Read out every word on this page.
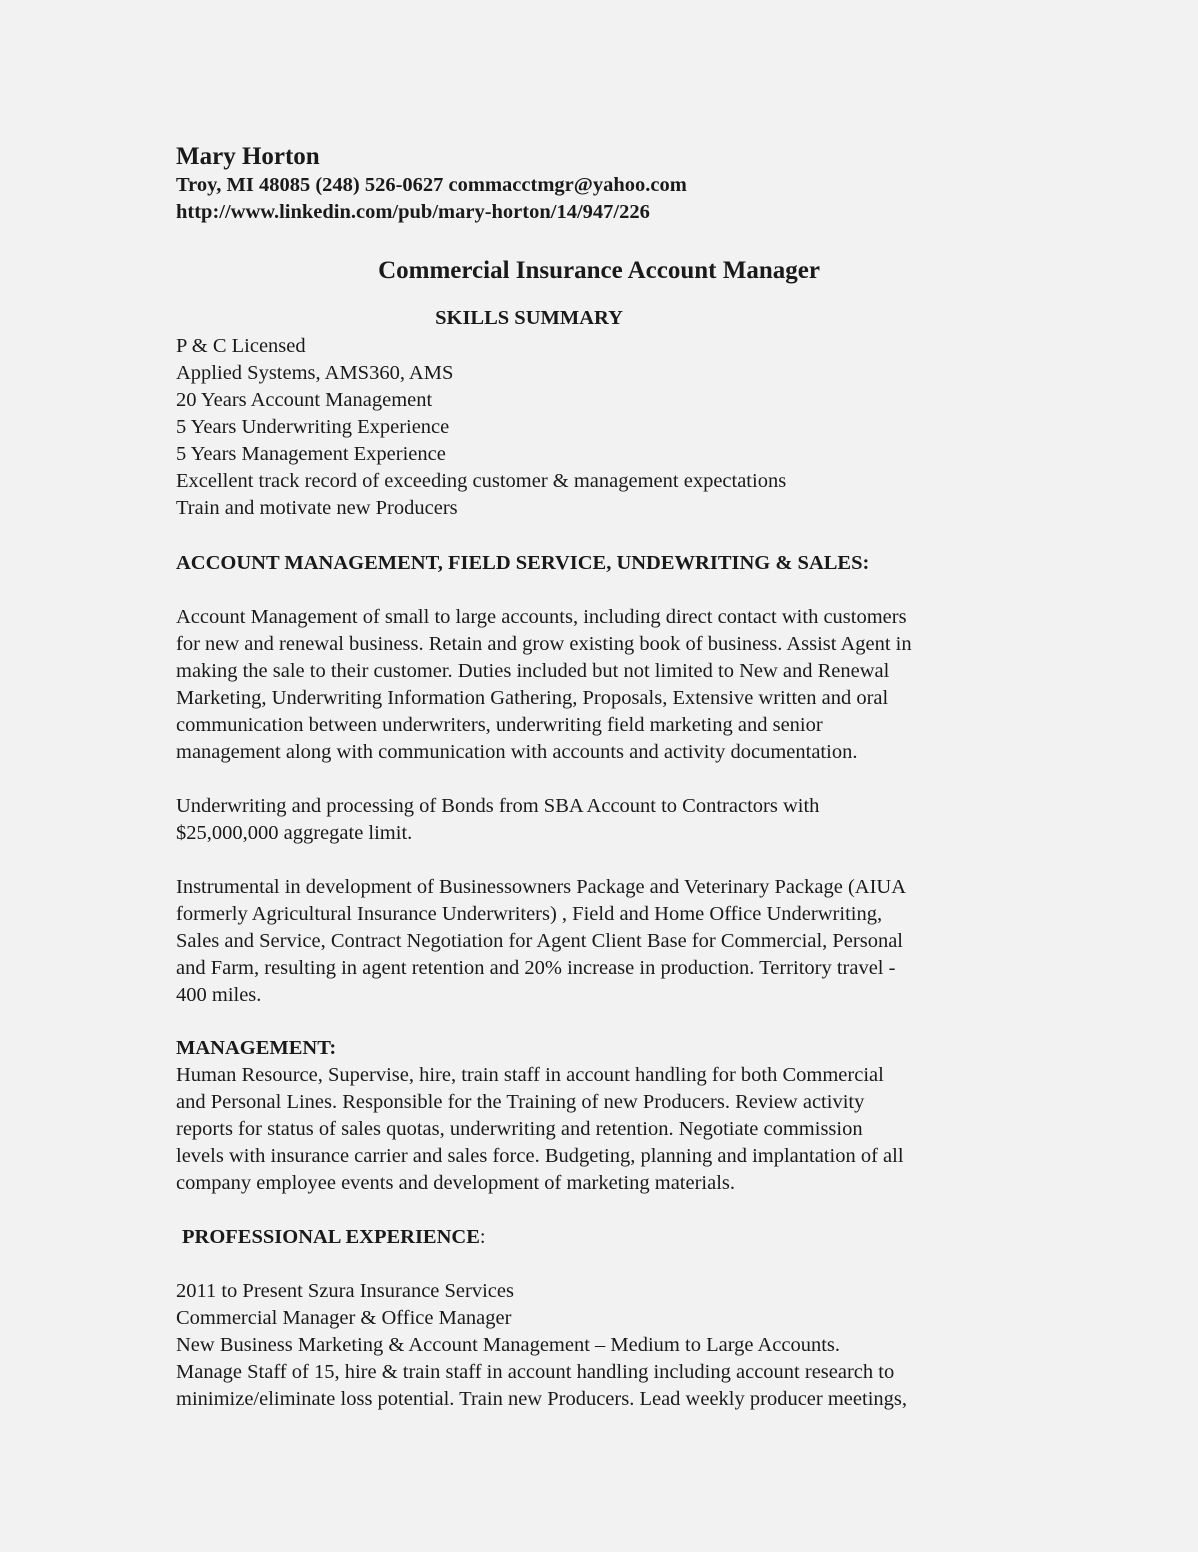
Mary Horton

Troy, MI 48085 (248) 526-0627 commacctmgr@yahoo.com

http://www.linkedin.com/pub/mary-horton/14/947/226

Commercial Insurance Account Manager

SKILLS SUMMARY

P & C Licensed
Applied Systems, AMS360, AMS
20 Years Account Management
5 Years Underwriting Experience
5 Years Management Experience
Excellent track record of exceeding customer & management expectations
Train and motivate new Producers

ACCOUNT MANAGEMENT, FIELD SERVICE, UNDEWRITING & SALES:

Account Management of small to large accounts, including direct contact with customers
for new and renewal business. Retain and grow existing book of business. Assist Agent in
making the sale to their customer. Duties included but not limited to New and Renewal
Marketing, Underwriting Information Gathering, Proposals, Extensive written and oral
communication between underwriters, underwriting field marketing and senior
management along with communication with accounts and activity documentation.

Underwriting and processing of Bonds from SBA Account to Contractors with
$25,000,000 aggregate limit.

Instrumental in development of Businessowners Package and Veterinary Package (AIUA
formerly Agricultural Insurance Underwriters) , Field and Home Office Underwriting,
Sales and Service, Contract Negotiation for Agent Client Base for Commercial, Personal
and Farm, resulting in agent retention and 20% increase in production. Territory travel -
400 miles.

MANAGEMENT:

Human Resource, Supervise, hire, train staff in account handling for both Commercial
and Personal Lines. Responsible for the Training of new Producers. Review activity
reports for status of sales quotas, underwriting and retention. Negotiate commission
levels with insurance carrier and sales force. Budgeting, planning and implantation of all
company employee events and development of marketing materials.

PROFESSIONAL EXPERIENCE:

2011 to Present Szura Insurance Services

Commercial Manager & Office Manager

New Business Marketing & Account Management – Medium to Large Accounts.

Manage Staff of 15, hire & train staff in account handling including account research to
minimize/eliminate loss potential. Train new Producers. Lead weekly producer meetings,
